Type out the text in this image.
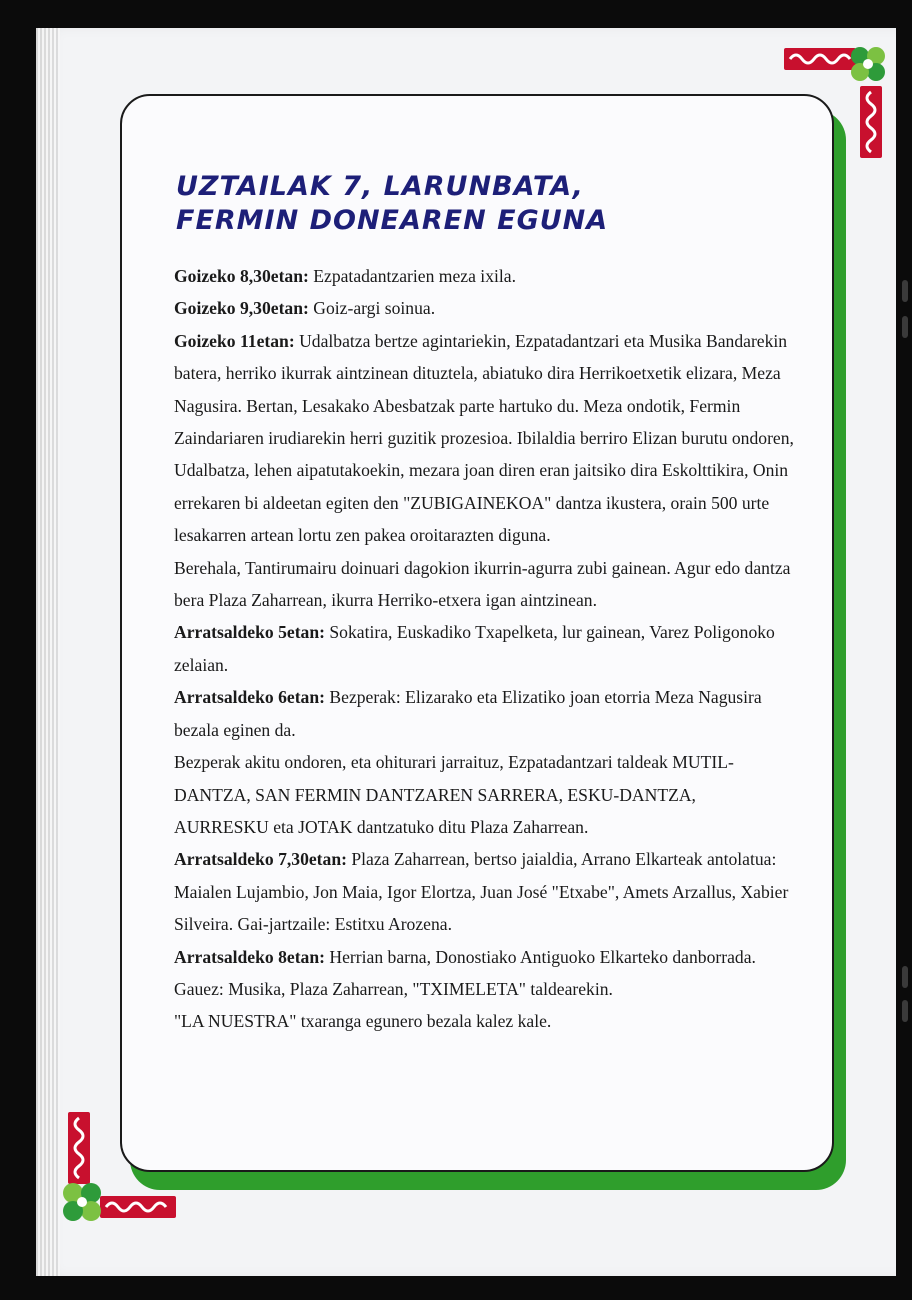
UZTAILAK 7, LARUNBATA,
FERMIN DONEAREN EGUNA

Goizeko 8,30etan: Ezpatadantzarien meza ixila.

Goizeko 9,30etan: Goiz-argi soinua.

Goizeko 11etan: Udalbatza bertze agintariekin, Ezpatadantzari eta Musika Bandarekin batera, herriko ikurrak aintzinean dituztela, abiatuko dira Herrikoetxetik elizara, Meza Nagusira. Bertan, Lesakako Abesbatzak parte hartuko du. Meza ondotik, Fermin Zaindariaren irudiarekin herri guzitik prozesioa. Ibilaldia berriro Elizan burutu ondoren, Udalbatza, lehen aipatutakoekin, mezara joan diren eran jaitsiko dira Eskolttikira, Onin errekaren bi aldeetan egiten den "ZUBIGAINEKOA" dantza ikustera, orain 500 urte lesakarren artean lortu zen pakea oroitarazten diguna.

Berehala, Tantirumairu doinuari dagokion ikurrin-agurra zubi gainean. Agur edo dantza bera Plaza Zaharrean, ikurra Herriko-etxera igan aintzinean.

Arratsaldeko 5etan: Sokatira, Euskadiko Txapelketa, lur gainean, Varez Poligonoko zelaian.

Arratsaldeko 6etan: Bezperak: Elizarako eta Elizatiko joan etorria Meza Nagusira bezala eginen da.

Bezperak akitu ondoren, eta ohiturari jarraituz, Ezpatadantzari taldeak MUTIL-DANTZA, SAN FERMIN DANTZAREN SARRERA, ESKU-DANTZA, AURRESKU eta JOTAK dantzatuko ditu Plaza Zaharrean.

Arratsaldeko 7,30etan: Plaza Zaharrean, bertso jaialdia, Arrano Elkarteak antolatua: Maialen Lujambio, Jon Maia, Igor Elortza, Juan José "Etxabe", Amets Arzallus, Xabier Silveira. Gai-jartzaile: Estitxu Arozena.

Arratsaldeko 8etan: Herrian barna, Donostiako Antiguoko Elkarteko danborrada.

Gauez: Musika, Plaza Zaharrean, "TXIMELETA" taldearekin.

"LA NUESTRA" txaranga egunero bezala kalez kale.
